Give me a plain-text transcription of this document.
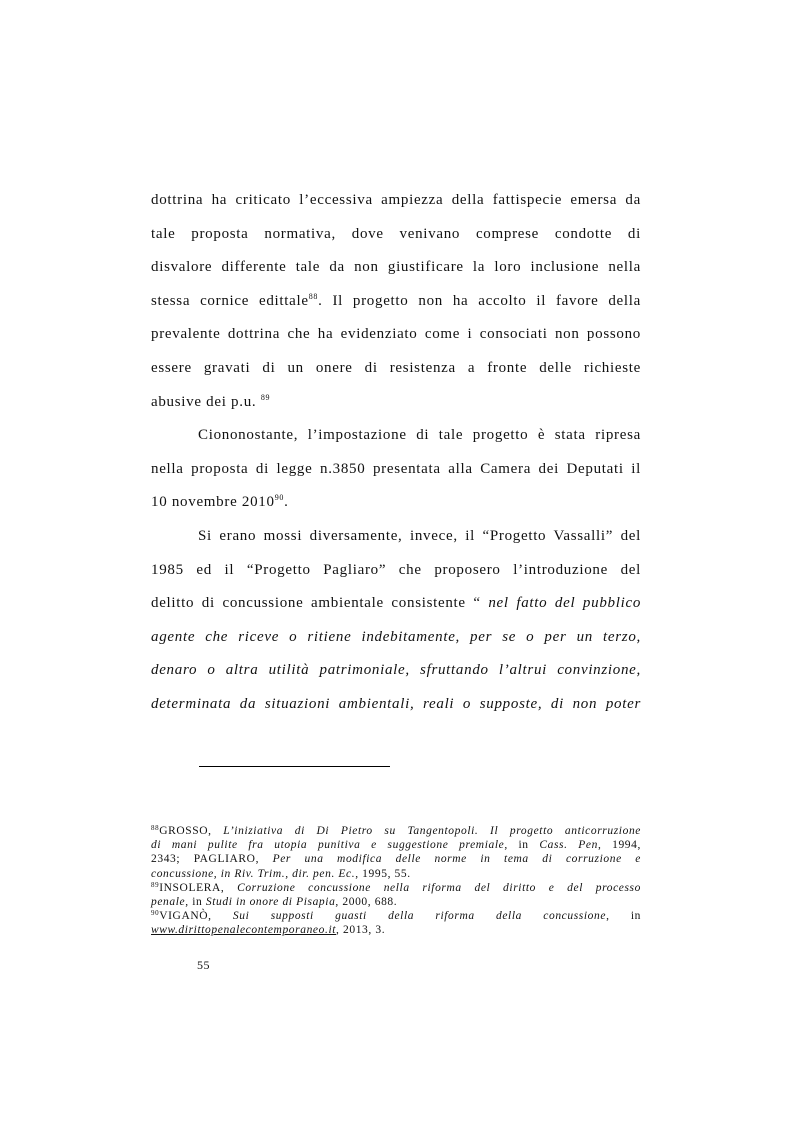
dottrina ha criticato l’eccessiva ampiezza della fattispecie emersa da
tale proposta normativa, dove venivano comprese condotte di
disvalore differente tale da non giustificare la loro inclusione nella
stessa cornice edittale$^{88}$. Il progetto non ha accolto il favore della
prevalente dottrina che ha evidenziato come i consociati non possono
essere gravati di un onere di resistenza a fronte delle richieste
abusive dei p.u. $^{89}$
Ciononostante, l’impostazione di tale progetto è stata ripresa
nella proposta di legge n.3850 presentata alla Camera dei Deputati il
10 novembre 2010$^{90}$.
Si erano mossi diversamente, invece, il “Progetto Vassalli” del
1985 ed il “Progetto Pagliaro” che proposero l’introduzione del
delitto di concussione ambientale consistente “ nel fatto del pubblico
agente che riceve o ritiene indebitamente, per se o per un terzo,
denaro o altra utilità patrimoniale, sfruttando l’altrui convinzione,
determinata da situazioni ambientali, reali o supposte, di non poter
$^{88}$GROSSO, L’iniziativa di Di Pietro su Tangentopoli. Il progetto anticorruzione
di mani pulite fra utopia punitiva e suggestione premiale, in Cass. Pen, 1994,
2343; PAGLIARO, Per una modifica delle norme in tema di corruzione e
concussione, in Riv. Trim., dir. pen. Ec., 1995, 55.
$^{89}$INSOLERA, Corruzione concussione nella riforma del diritto e del processo
penale, in Studi in onore di Pisapia, 2000, 688.
$^{90}$VIGANÒ, Sui supposti guasti della riforma della concussione, in
www.dirittopenalecontemporaneo.it, 2013, 3.
55
